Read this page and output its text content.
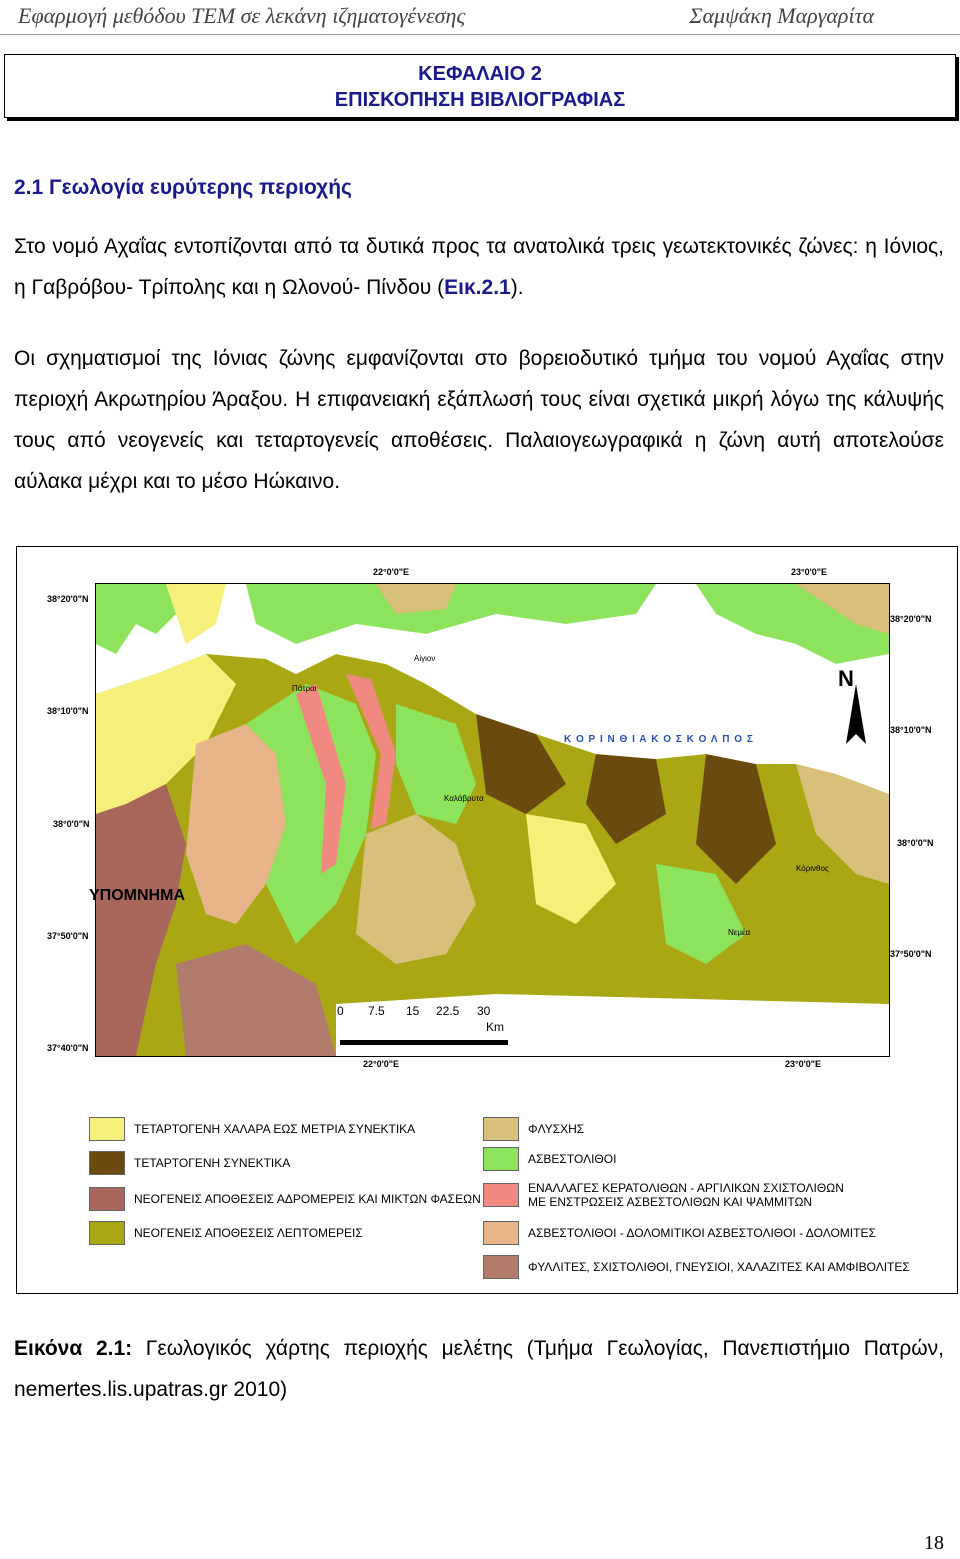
Εφαρμογή μεθόδου TEM σε λεκάνη ιζηματογένεσης	Σαμψάκη Μαργαρίτα
ΚΕΦΑΛΑΙΟ 2
ΕΠΙΣΚΟΠΗΣΗ ΒΙΒΛΙΟΓΡΑΦΙΑΣ
2.1 Γεωλογία ευρύτερης περιοχής
Στο νομό Αχαΐας εντοπίζονται από τα δυτικά προς τα ανατολικά τρεις γεωτεκτονικές ζώνες: η Ιόνιος, η Γαβρόβου- Τρίπολης και η Ωλονού- Πίνδου (Εικ.2.1).
Οι σχηματισμοί της Ιόνιας ζώνης εμφανίζονται στο βορειοδυτικό τμήμα του νομού Αχαΐας στην περιοχή Ακρωτηρίου Άραξου. Η επιφανειακή εξάπλωσή τους είναι σχετικά μικρή λόγω της κάλυψής τους από νεογενείς και τεταρτογενείς αποθέσεις. Παλαιογεωγραφικά η ζώνη αυτή αποτελούσε αύλακα μέχρι και το μέσο Ηώκαινο.
22°0'0"E	23°0'0"E
38°20'0"N
38°10'0"N
38°0'0"N
37°50'0"N
37°40'0"N
38°20'0"N
38°10'0"N
38°0'0"N
37°50'0"N
22°0'0"E	23°0'0"E
Κ Ο Ρ Ι Ν Θ Ι Α Κ Ο Σ Κ Ο Λ Π Ο Σ
N
Πάτραι
Αίγιον
Καλάβρυτα
Νεμέα
Κόρινθος
0 7.5 15 22.5 30
Km
ΥΠΟΜΝΗΜΑ
ΤΕΤΑΡΤΟΓΕΝΗ ΧΑΛΑΡΑ ΕΩΣ ΜΕΤΡΙΑ ΣΥΝΕΚΤΙΚΑ
ΤΕΤΑΡΤΟΓΕΝΗ ΣΥΝΕΚΤΙΚΑ
ΝΕΟΓΕΝΕΙΣ ΑΠΟΘΕΣΕΙΣ ΑΔΡΟΜΕΡΕΙΣ ΚΑΙ ΜΙΚΤΩΝ ΦΑΣΕΩΝ
ΝΕΟΓΕΝΕΙΣ ΑΠΟΘΕΣΕΙΣ ΛΕΠΤΟΜΕΡΕΙΣ
ΦΛΥΣΧΗΣ
ΑΣΒΕΣΤΟΛΙΘΟΙ
ΕΝΑΛΛΑΓΕΣ ΚΕΡΑΤΟΛΙΘΩΝ - ΑΡΓΙΛΙΚΩΝ ΣΧΙΣΤΟΛΙΘΩΝ ΜΕ ΕΝΣΤΡΩΣΕΙΣ ΑΣΒΕΣΤΟΛΙΘΩΝ ΚΑΙ ΨΑΜΜΙΤΩΝ
ΑΣΒΕΣΤΟΛΙΘΟΙ - ΔΟΛΟΜΙΤΙΚΟΙ ΑΣΒΕΣΤΟΛΙΘΟΙ - ΔΟΛΟΜΙΤΕΣ
ΦΥΛΛΙΤΕΣ, ΣΧΙΣΤΟΛΙΘΟΙ, ΓΝΕΥΣΙΟΙ, ΧΑΛΑΖΙΤΕΣ ΚΑΙ ΑΜΦΙΒΟΛΙΤΕΣ
Εικόνα 2.1: Γεωλογικός χάρτης περιοχής μελέτης (Τμήμα Γεωλογίας, Πανεπιστήμιο Πατρών, nemertes.lis.upatras.gr 2010)
18
